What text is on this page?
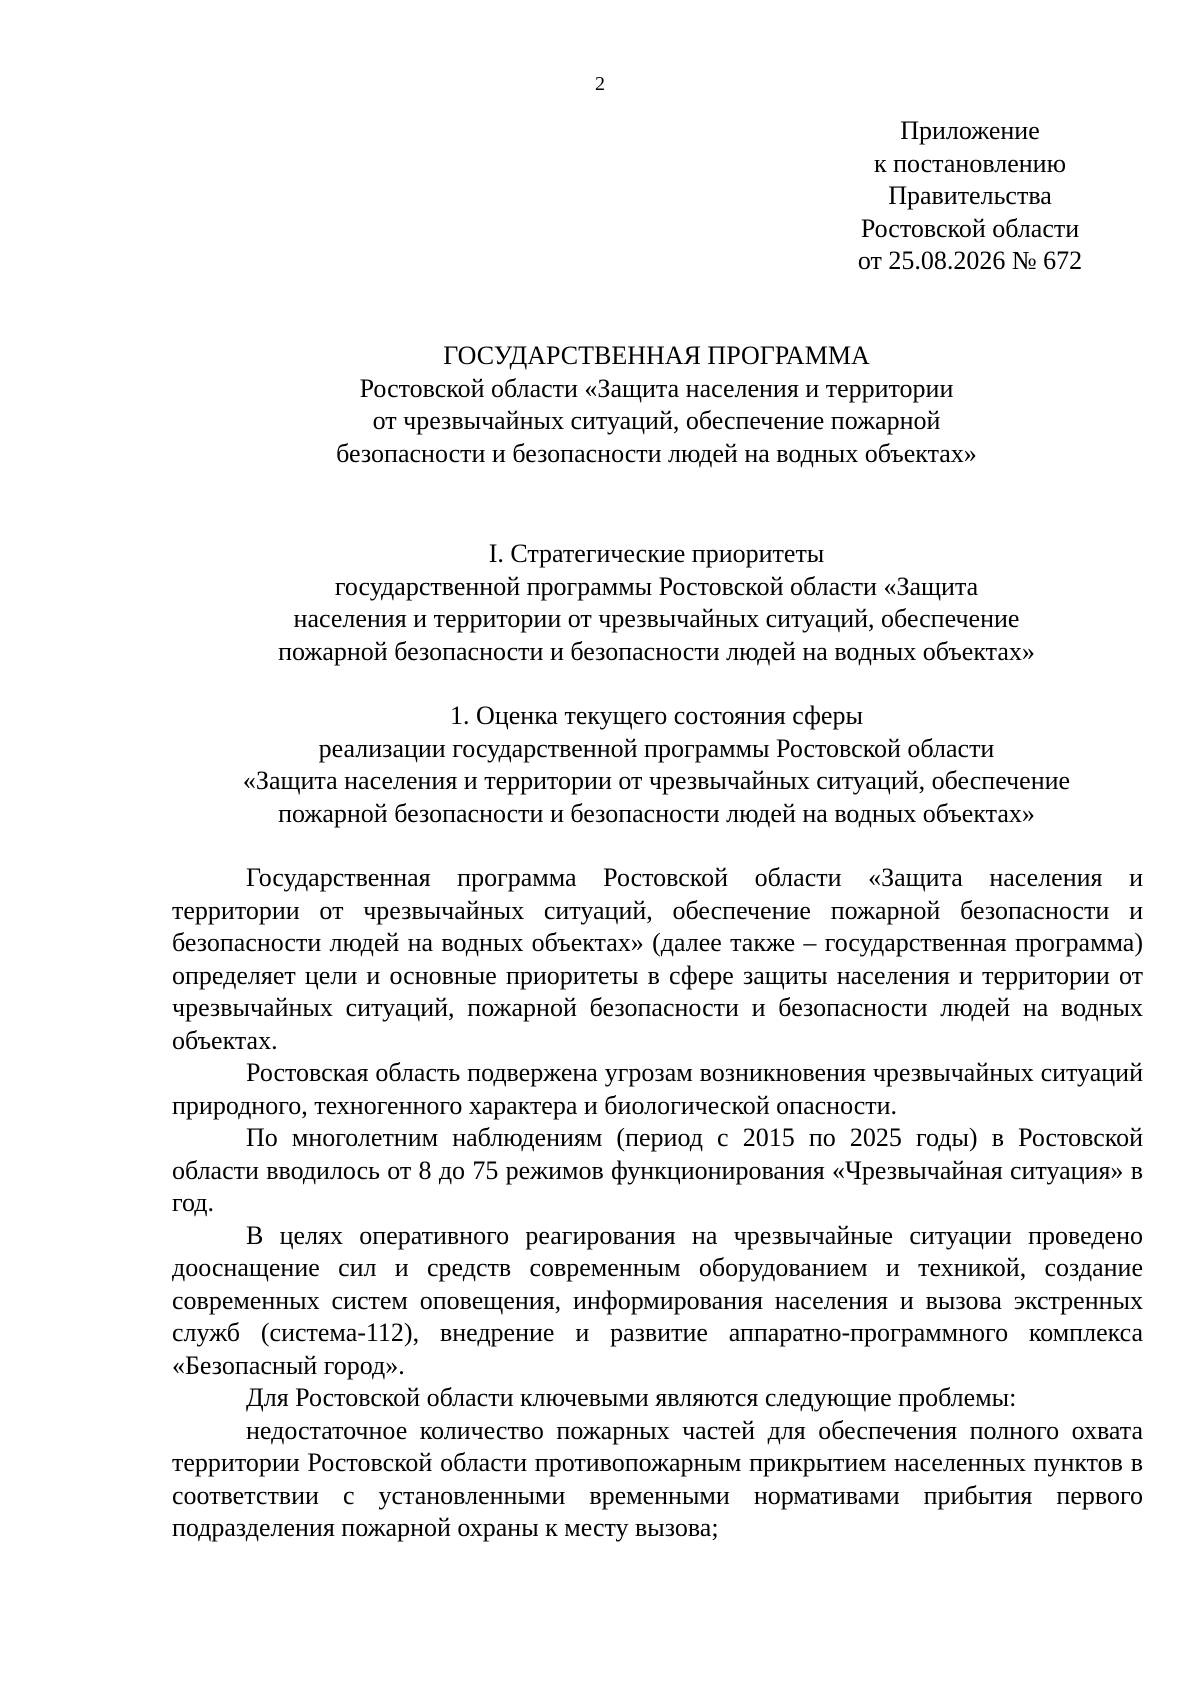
2
Приложение
к постановлению
Правительства
Ростовской области
от 25.08.2026 № 672
ГОСУДАРСТВЕННАЯ ПРОГРАММА
Ростовской области «Защита населения и территории
от чрезвычайных ситуаций, обеспечение пожарной
безопасности и безопасности людей на водных объектах»
I. Стратегические приоритеты
государственной программы Ростовской области «Защита
населения и территории от чрезвычайных ситуаций, обеспечение
пожарной безопасности и безопасности людей на водных объектах»
1. Оценка текущего состояния сферы
реализации государственной программы Ростовской области
«Защита населения и территории от чрезвычайных ситуаций, обеспечение
пожарной безопасности и безопасности людей на водных объектах»

Государственная программа Ростовской области «Защита населения и территории от чрезвычайных ситуаций, обеспечение пожарной безопасности и безопасности людей на водных объектах» (далее также – государственная программа) определяет цели и основные приоритеты в сфере защиты населения и территории от чрезвычайных ситуаций, пожарной безопасности и безопасности людей на водных объектах.

Ростовская область подвержена угрозам возникновения чрезвычайных ситуаций природного, техногенного характера и биологической опасности.

По многолетним наблюдениям (период с 2015 по 2025 годы) в Ростовской области вводилось от 8 до 75 режимов функционирования «Чрезвычайная ситуация» в год.

В целях оперативного реагирования на чрезвычайные ситуации проведено дооснащение сил и средств современным оборудованием и техникой, создание современных систем оповещения, информирования населения и вызова экстренных служб (система-112), внедрение и развитие аппаратно-программного комплекса «Безопасный город».

Для Ростовской области ключевыми являются следующие проблемы:

недостаточное количество пожарных частей для обеспечения полного охвата территории Ростовской области противопожарным прикрытием населенных пунктов в соответствии с установленными временными нормативами прибытия первого подразделения пожарной охраны к месту вызова;
